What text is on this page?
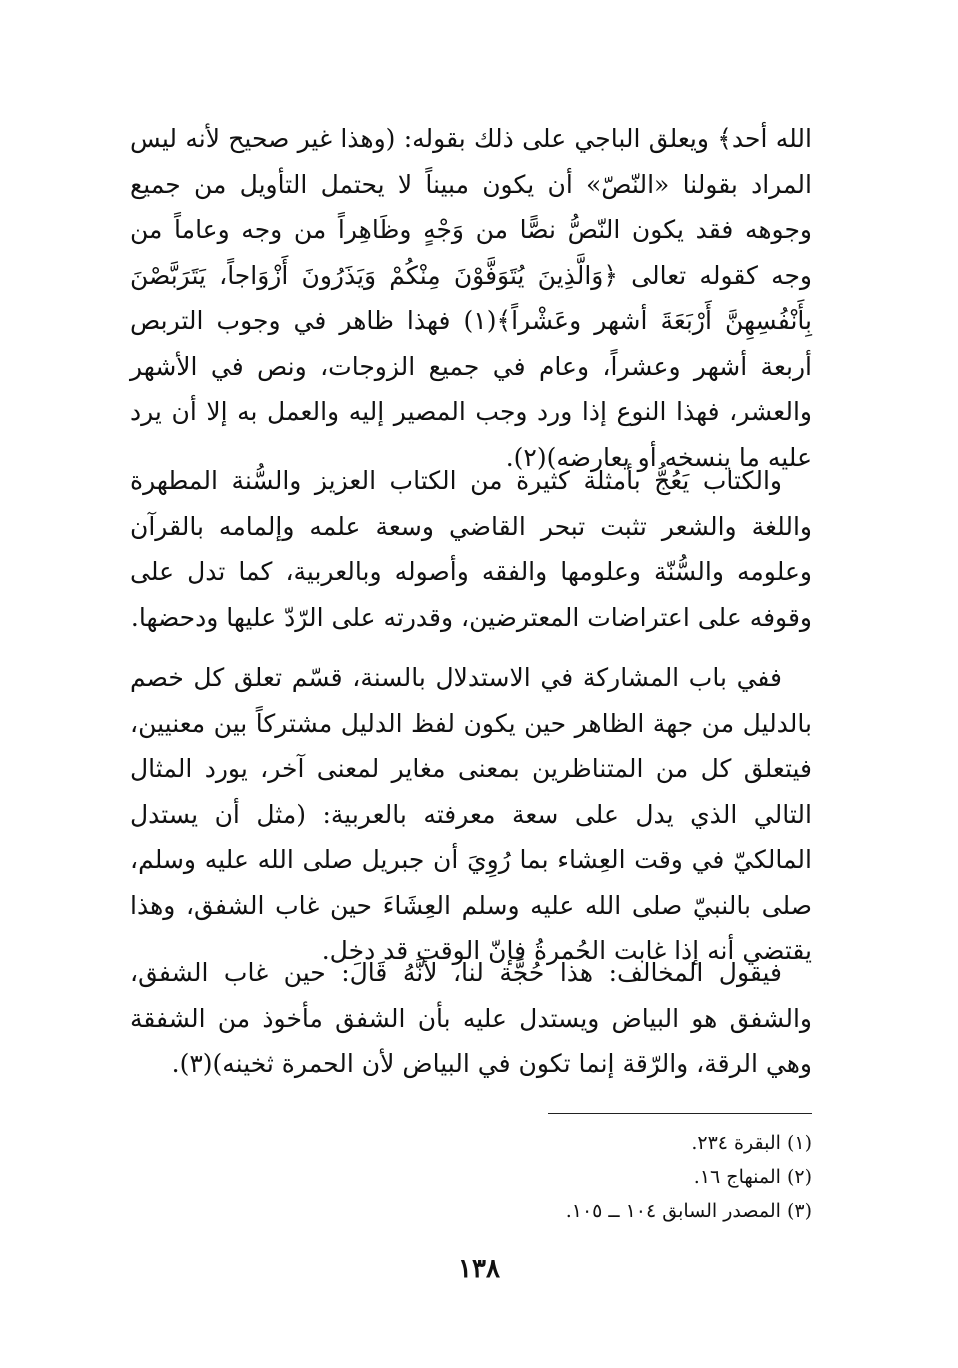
الله أحد﴾ ويعلق الباجي على ذلك بقوله: (وهذا غير صحيح لأنه ليس المراد بقولنا «النّصّ» أن يكون مبيناً لا يحتمل التأويل من جميع وجوهه فقد يكون النّصُّ نصًّا من وَجْهٍ وظَاهِراً من وجه وعاماً من وجه كقوله تعالى ﴿وَالَّذِينَ يُتَوَفَّوْنَ مِنْكُمْ وَيَذَرُونَ أَزْوَاجاً، يَتَرَبَّصْنَ بِأَنْفُسِهِنَّ أَرْبَعَةَ أشهر وعَشْراً﴾(١) فهذا ظاهر في وجوب التربص أربعة أشهر وعشراً، وعام في جميع الزوجات، ونص في الأشهر والعشر، فهذا النوع إذا ورد وجب المصير إليه والعمل به إلا أن يرد عليه ما ينسخه أو يعارضه)(٢).

والكتاب يَعُجُّ بأمثلة كثيرة من الكتاب العزيز والسُّنة المطهرة واللغة والشعر تثبت تبحر القاضي وسعة علمه وإلمامه بالقرآن وعلومه والسُّنّة وعلومها والفقه وأصوله وبالعربية، كما تدل على وقوفه على اعتراضات المعترضين، وقدرته على الرّدّ عليها ودحضها.

ففي باب المشاركة في الاستدلال بالسنة، قسّم تعلق كل خصم بالدليل من جهة الظاهر حين يكون لفظ الدليل مشتركاً بين معنيين، فيتعلق كل من المتناظرين بمعنى مغاير لمعنى آخر، يورد المثال التالي الذي يدل على سعة معرفته بالعربية: (مثل أن يستدل المالكيّ في وقت العِشاء بما رُوِيَ أن جبريل صلى الله عليه وسلم، صلى بالنبيّ صلى الله عليه وسلم العِشَاءَ حين غاب الشفق، وهذا يقتضي أنه إذا غابت الحُمرةُ فإنّ الوقت قد دخل.

فيقول المخالف: هذا حُجَّة لنا، لأنَّهُ قَالَ: حين غاب الشفق، والشفق هو البياض ويستدل عليه بأن الشفق مأخوذ من الشفقة وهي الرقة، والرّقة إنما تكون في البياض لأن الحمرة ثخينه)(٣).

(١) البقرة ٢٣٤.
(٢) المنهاج ١٦.
(٣) المصدر السابق ١٠٤ ــ ١٠٥.
١٣٨
